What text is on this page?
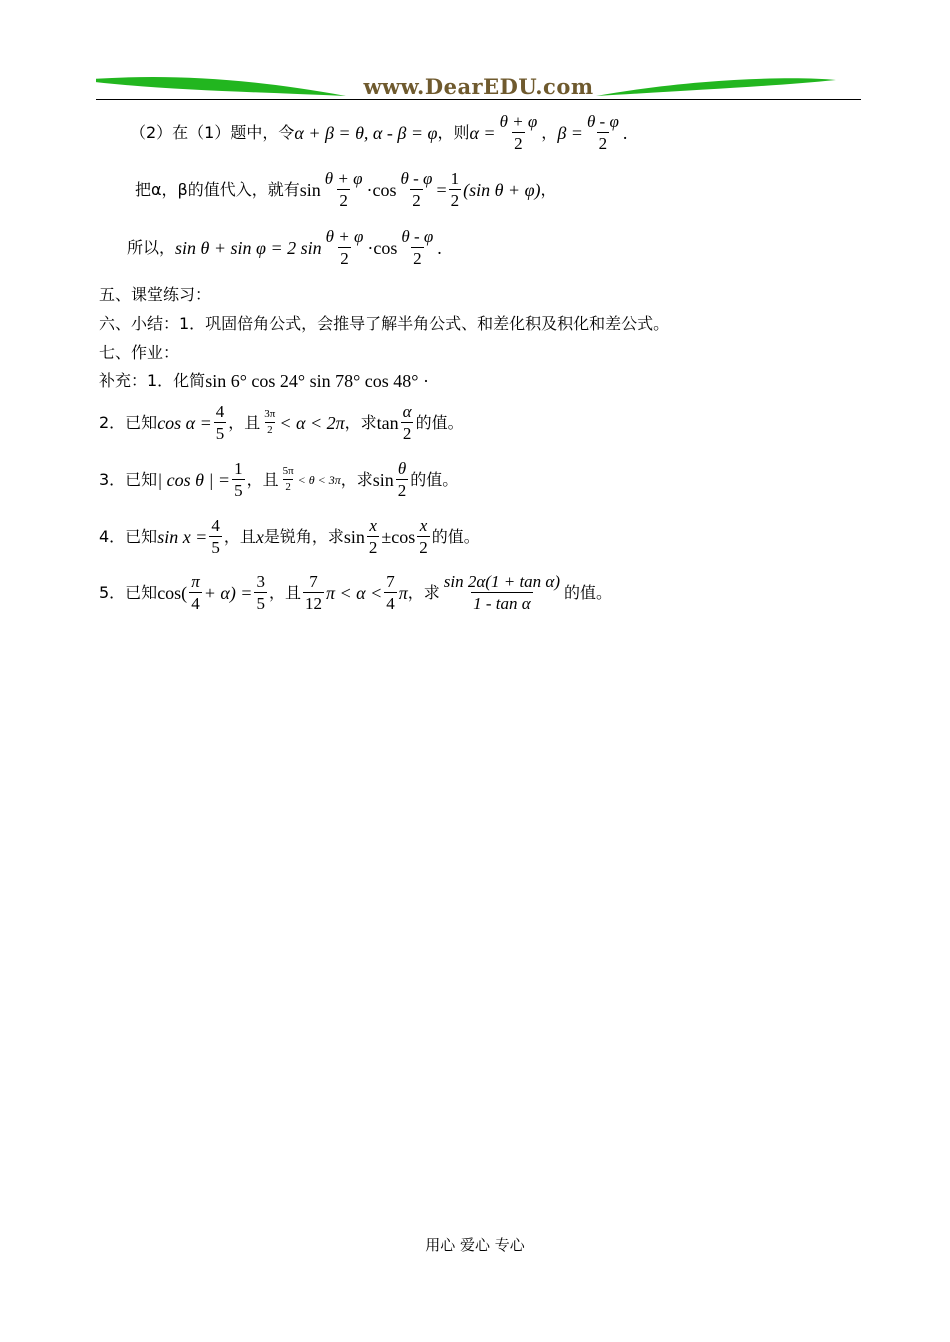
www.DearEDU.com
（2）在（1）题中，令 α + β = θ, α - β = φ ，则 $\alpha = \frac{\theta + \varphi}{2}$ ， $\beta = \frac{\theta - \varphi}{2}$ .
把α，β的值代入，就有 $\sin \frac{\theta + \varphi}{2} \cdot\cos \frac{\theta - \varphi}{2} = \frac{1}{2} (\sin$ θ + φ) ，
所以， sin θ + sin φ = 2 $\sin \frac{\theta + \varphi}{2} \cdot\cos \frac{\theta - \varphi}{2}$ .
五、课堂练习：
六、小结：1．巩固倍角公式，会推导了解半角公式、和差化积及积化和差公式。
七、作业：
补充：1．化简 sin 6° cos 24° sin 78° cos 48° ·
2．已知 $\cos \alpha = \frac{4}{5}$ ，且 $\frac{3\pi}{2} < \alpha < 2\pi$ ，求 $\tan \frac{\alpha}{2}$ 的值。
3．已知 | cos θ | = $\frac{1}{5}$ ，且 $\frac{5\pi}{2} < \theta < 3\pi$ ，求 $\sin \frac{\theta}{2}$ 的值。
4．已知 $\sin x = \frac{4}{5}$ ，且 x 是锐角，求 $\sin \frac{x}{2} \pm\cos \frac{x}{2}$ 的值。
5．已知 $\cos( \frac{\pi}{4} + \alpha) = \frac{3}{5}$ ，且 $\frac{7}{12}$ $\pi < \alpha < \frac{7}{4}$ π ，求 $\frac{\text{sin 2α(1 + tan α)}}{\text{1 - tan α}}$ 的值。
用心 爱心 专心
